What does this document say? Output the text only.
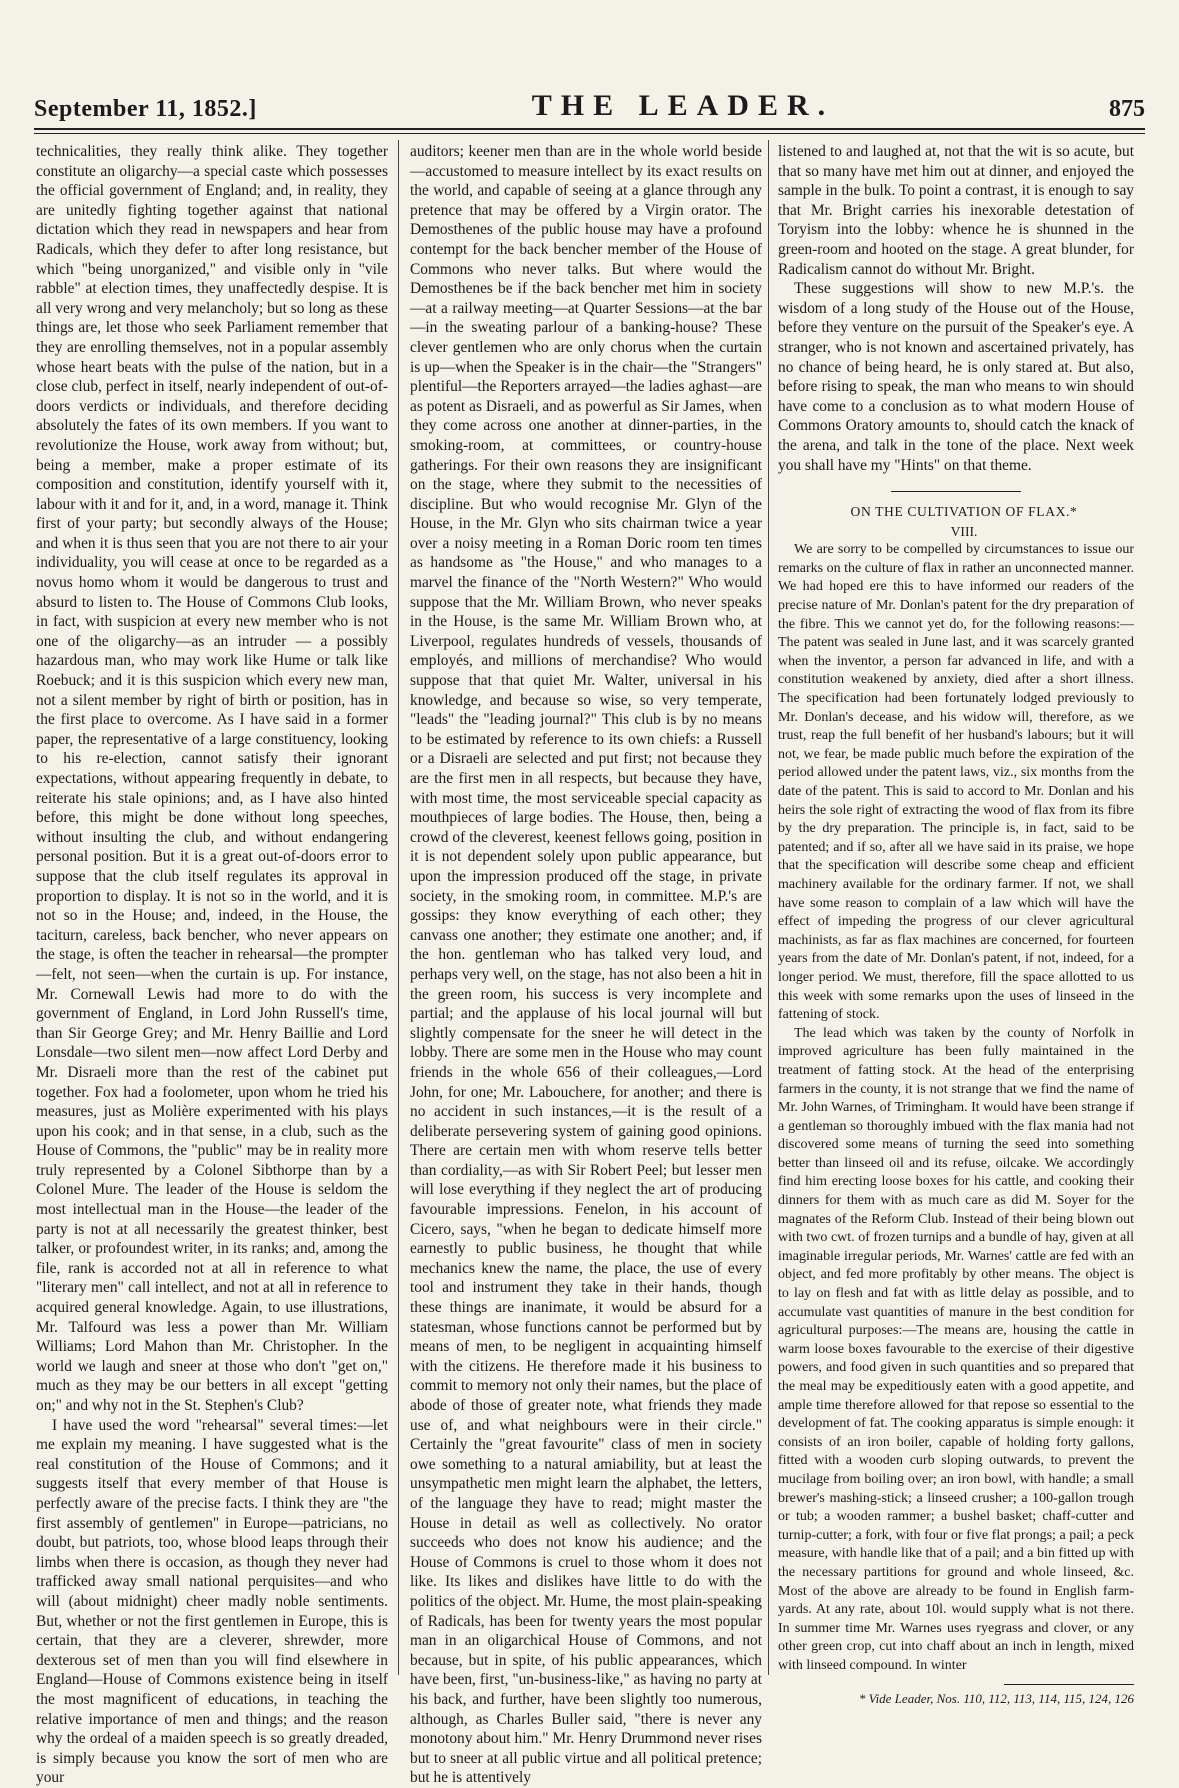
September 11, 1852.]	THE LEADER.	875

technicalities, they really think alike. They together constitute an oligarchy—a special caste which possesses the official government of England; and, in reality, they are unitedly fighting together against that national dictation which they read in newspapers and hear from Radicals, which they defer to after long resistance, but which "being unorganized," and visible only in "vile rabble" at election times, they unaffectedly despise. It is all very wrong and very melancholy; but so long as these things are, let those who seek Parliament remember that they are enrolling themselves, not in a popular assembly whose heart beats with the pulse of the nation, but in a close club, perfect in itself, nearly independent of out-of-doors verdicts or individuals, and therefore deciding absolutely the fates of its own members. If you want to revolutionize the House, work away from without; but, being a member, make a proper estimate of its composition and constitution, identify yourself with it, labour with it and for it, and, in a word, manage it. Think first of your party; but secondly always of the House; and when it is thus seen that you are not there to air your individuality, you will cease at once to be regarded as a novus homo whom it would be dangerous to trust and absurd to listen to. The House of Commons Club looks, in fact, with suspicion at every new member who is not one of the oligarchy—as an intruder — a possibly hazardous man, who may work like Hume or talk like Roebuck; and it is this suspicion which every new man, not a silent member by right of birth or position, has in the first place to overcome. As I have said in a former paper, the representative of a large constituency, looking to his re-election, cannot satisfy their ignorant expectations, without appearing frequently in debate, to reiterate his stale opinions; and, as I have also hinted before, this might be done without long speeches, without insulting the club, and without endangering personal position. But it is a great out-of-doors error to suppose that the club itself regulates its approval in proportion to display. It is not so in the world, and it is not so in the House; and, indeed, in the House, the taciturn, careless, back bencher, who never appears on the stage, is often the teacher in rehearsal—the prompter—felt, not seen—when the curtain is up. For instance, Mr. Cornewall Lewis had more to do with the government of England, in Lord John Russell's time, than Sir George Grey; and Mr. Henry Baillie and Lord Lonsdale—two silent men—now affect Lord Derby and Mr. Disraeli more than the rest of the cabinet put together. Fox had a foolometer, upon whom he tried his measures, just as Molière experimented with his plays upon his cook; and in that sense, in a club, such as the House of Commons, the "public" may be in reality more truly represented by a Colonel Sibthorpe than by a Colonel Mure. The leader of the House is seldom the most intellectual man in the House—the leader of the party is not at all necessarily the greatest thinker, best talker, or profoundest writer, in its ranks; and, among the file, rank is accorded not at all in reference to what "literary men" call intellect, and not at all in reference to acquired general knowledge. Again, to use illustrations, Mr. Talfourd was less a power than Mr. William Williams; Lord Mahon than Mr. Christopher. In the world we laugh and sneer at those who don't "get on," much as they may be our betters in all except "getting on;" and why not in the St. Stephen's Club?

I have used the word "rehearsal" several times:—let me explain my meaning. I have suggested what is the real constitution of the House of Commons; and it suggests itself that every member of that House is perfectly aware of the precise facts. I think they are "the first assembly of gentlemen" in Europe—patricians, no doubt, but patriots, too, whose blood leaps through their limbs when there is occasion, as though they never had trafficked away small national perquisites—and who will (about midnight) cheer madly noble sentiments. But, whether or not the first gentlemen in Europe, this is certain, that they are a cleverer, shrewder, more dexterous set of men than you will find elsewhere in England—House of Commons existence being in itself the most magnificent of educations, in teaching the relative importance of men and things; and the reason why the ordeal of a maiden speech is so greatly dreaded, is simply because you know the sort of men who are your

auditors; keener men than are in the whole world beside—accustomed to measure intellect by its exact results on the world, and capable of seeing at a glance through any pretence that may be offered by a Virgin orator. The Demosthenes of the public house may have a profound contempt for the back bencher member of the House of Commons who never talks. But where would the Demosthenes be if the back bencher met him in society—at a railway meeting—at Quarter Sessions—at the bar—in the sweating parlour of a banking-house? These clever gentlemen who are only chorus when the curtain is up—when the Speaker is in the chair—the "Strangers" plentiful—the Reporters arrayed—the ladies aghast—are as potent as Disraeli, and as powerful as Sir James, when they come across one another at dinner-parties, in the smoking-room, at committees, or country-house gatherings. For their own reasons they are insignificant on the stage, where they submit to the necessities of discipline. But who would recognise Mr. Glyn of the House, in the Mr. Glyn who sits chairman twice a year over a noisy meeting in a Roman Doric room ten times as handsome as "the House," and who manages to a marvel the finance of the "North Western?" Who would suppose that the Mr. William Brown, who never speaks in the House, is the same Mr. William Brown who, at Liverpool, regulates hundreds of vessels, thousands of employés, and millions of merchandise? Who would suppose that that quiet Mr. Walter, universal in his knowledge, and because so wise, so very temperate, "leads" the "leading journal?" This club is by no means to be estimated by reference to its own chiefs: a Russell or a Disraeli are selected and put first; not because they are the first men in all respects, but because they have, with most time, the most serviceable special capacity as mouthpieces of large bodies. The House, then, being a crowd of the cleverest, keenest fellows going, position in it is not dependent solely upon public appearance, but upon the impression produced off the stage, in private society, in the smoking room, in committee. M.P.'s are gossips: they know everything of each other; they canvass one another; they estimate one another; and, if the hon. gentleman who has talked very loud, and perhaps very well, on the stage, has not also been a hit in the green room, his success is very incomplete and partial; and the applause of his local journal will but slightly compensate for the sneer he will detect in the lobby. There are some men in the House who may count friends in the whole 656 of their colleagues,—Lord John, for one; Mr. Labouchere, for another; and there is no accident in such instances,—it is the result of a deliberate persevering system of gaining good opinions. There are certain men with whom reserve tells better than cordiality,—as with Sir Robert Peel; but lesser men will lose everything if they neglect the art of producing favourable impressions. Fenelon, in his account of Cicero, says, "when he began to dedicate himself more earnestly to public business, he thought that while mechanics knew the name, the place, the use of every tool and instrument they take in their hands, though these things are inanimate, it would be absurd for a statesman, whose functions cannot be performed but by means of men, to be negligent in acquainting himself with the citizens. He therefore made it his business to commit to memory not only their names, but the place of abode of those of greater note, what friends they made use of, and what neighbours were in their circle." Certainly the "great favourite" class of men in society owe something to a natural amiability, but at least the unsympathetic men might learn the alphabet, the letters, of the language they have to read; might master the House in detail as well as collectively. No orator succeeds who does not know his audience; and the House of Commons is cruel to those whom it does not like. Its likes and dislikes have little to do with the politics of the object. Mr. Hume, the most plain-speaking of Radicals, has been for twenty years the most popular man in an oligarchical House of Commons, and not because, but in spite, of his public appearances, which have been, first, "un-business-like," as having no party at his back, and further, have been slightly too numerous, although, as Charles Buller said, "there is never any monotony about him." Mr. Henry Drummond never rises but to sneer at all public virtue and all political pretence; but he is attentively

listened to and laughed at, not that the wit is so acute, but that so many have met him out at dinner, and enjoyed the sample in the bulk. To point a contrast, it is enough to say that Mr. Bright carries his inexorable detestation of Toryism into the lobby: whence he is shunned in the green-room and hooted on the stage. A great blunder, for Radicalism cannot do without Mr. Bright.

These suggestions will show to new M.P.'s. the wisdom of a long study of the House out of the House, before they venture on the pursuit of the Speaker's eye. A stranger, who is not known and ascertained privately, has no chance of being heard, he is only stared at. But also, before rising to speak, the man who means to win should have come to a conclusion as to what modern House of Commons Oratory amounts to, should catch the knack of the arena, and talk in the tone of the place. Next week you shall have my "Hints" on that theme.

ON THE CULTIVATION OF FLAX.*

VIII.

We are sorry to be compelled by circumstances to issue our remarks on the culture of flax in rather an unconnected manner. We had hoped ere this to have informed our readers of the precise nature of Mr. Donlan's patent for the dry preparation of the fibre. This we cannot yet do, for the following reasons:—The patent was sealed in June last, and it was scarcely granted when the inventor, a person far advanced in life, and with a constitution weakened by anxiety, died after a short illness. The specification had been fortunately lodged previously to Mr. Donlan's decease, and his widow will, therefore, as we trust, reap the full benefit of her husband's labours; but it will not, we fear, be made public much before the expiration of the period allowed under the patent laws, viz., six months from the date of the patent. This is said to accord to Mr. Donlan and his heirs the sole right of extracting the wood of flax from its fibre by the dry preparation. The principle is, in fact, said to be patented; and if so, after all we have said in its praise, we hope that the specification will describe some cheap and efficient machinery available for the ordinary farmer. If not, we shall have some reason to complain of a law which will have the effect of impeding the progress of our clever agricultural machinists, as far as flax machines are concerned, for fourteen years from the date of Mr. Donlan's patent, if not, indeed, for a longer period. We must, therefore, fill the space allotted to us this week with some remarks upon the uses of linseed in the fattening of stock.

The lead which was taken by the county of Norfolk in improved agriculture has been fully maintained in the treatment of fatting stock. At the head of the enterprising farmers in the county, it is not strange that we find the name of Mr. John Warnes, of Trimingham. It would have been strange if a gentleman so thoroughly imbued with the flax mania had not discovered some means of turning the seed into something better than linseed oil and its refuse, oilcake. We accordingly find him erecting loose boxes for his cattle, and cooking their dinners for them with as much care as did M. Soyer for the magnates of the Reform Club. Instead of their being blown out with two cwt. of frozen turnips and a bundle of hay, given at all imaginable irregular periods, Mr. Warnes' cattle are fed with an object, and fed more profitably by other means. The object is to lay on flesh and fat with as little delay as possible, and to accumulate vast quantities of manure in the best condition for agricultural purposes:—The means are, housing the cattle in warm loose boxes favourable to the exercise of their digestive powers, and food given in such quantities and so prepared that the meal may be expeditiously eaten with a good appetite, and ample time therefore allowed for that repose so essential to the development of fat. The cooking apparatus is simple enough: it consists of an iron boiler, capable of holding forty gallons, fitted with a wooden curb sloping outwards, to prevent the mucilage from boiling over; an iron bowl, with handle; a small brewer's mashing-stick; a linseed crusher; a 100-gallon trough or tub; a wooden rammer; a bushel basket; chaff-cutter and turnip-cutter; a fork, with four or five flat prongs; a pail; a peck measure, with handle like that of a pail; and a bin fitted up with the necessary partitions for ground and whole linseed, &c. Most of the above are already to be found in English farm-yards. At any rate, about 10l. would supply what is not there. In summer time Mr. Warnes uses ryegrass and clover, or any other green crop, cut into chaff about an inch in length, mixed with linseed compound. In winter

* Vide Leader, Nos. 110, 112, 113, 114, 115, 124, 126
